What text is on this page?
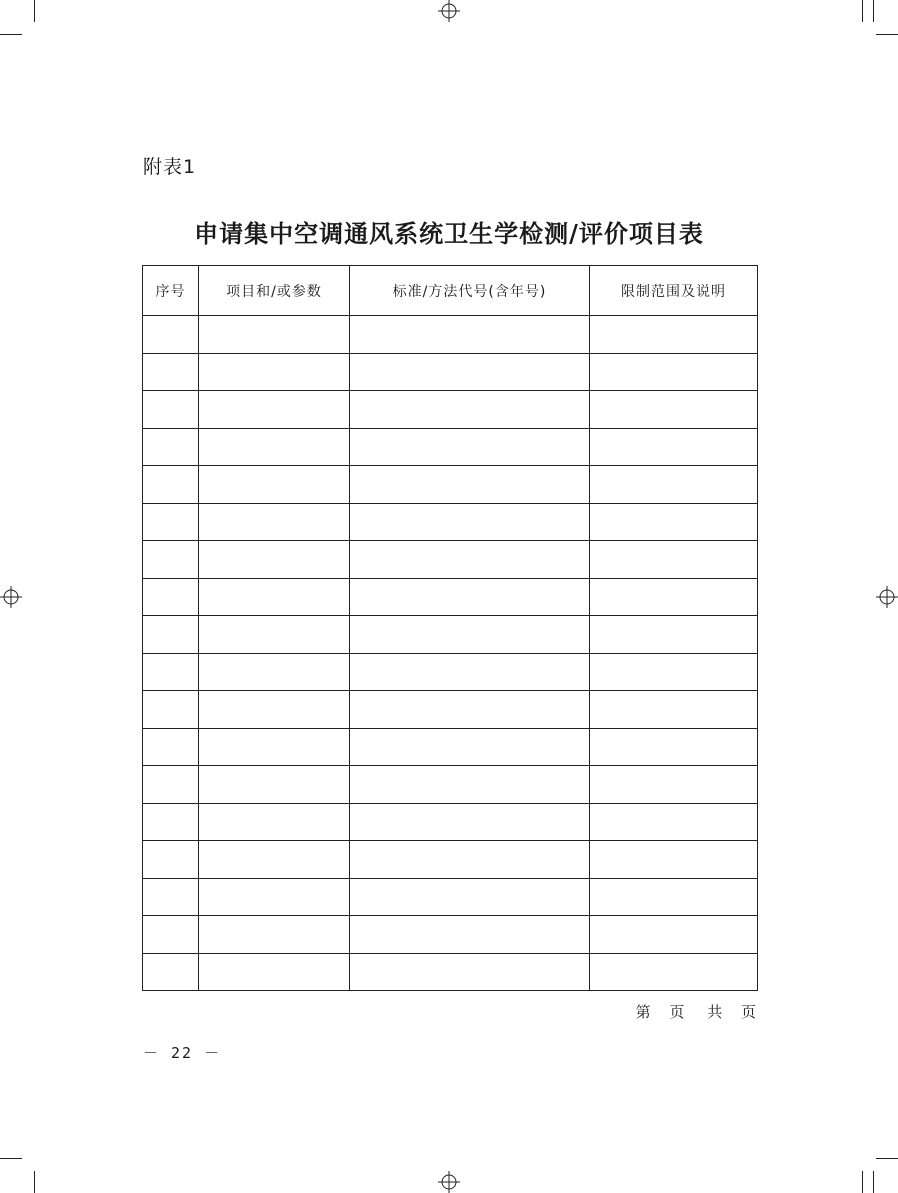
附表1
申请集中空调通风系统卫生学检测/评价项目表
序号	项目和/或参数	标准/方法代号(含年号)	限制范围及说明

第 页 共 页
－ 22 －
